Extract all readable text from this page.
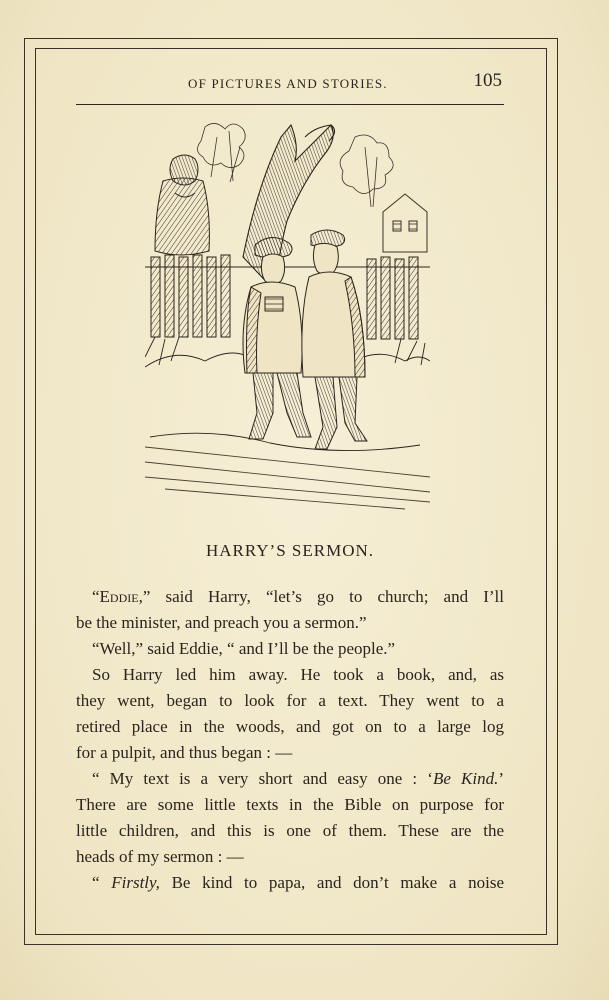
OF PICTURES AND STORIES.	105
HARRY’S SERMON.

“Eddie,” said Harry, “let’s go to church; and I’ll

be the minister, and preach you a sermon.”

“Well,” said Eddie, “ and I’ll be the people.”

So Harry led him away. He took a book, and, as

they went, began to look for a text. They went to a

retired place in the woods, and got on to a large log

for a pulpit, and thus began : —

“ My text is a very short and easy one : ‘Be Kind.’

There are some little texts in the Bible on purpose for

little children, and this is one of them. These are the

heads of my sermon : —

“ Firstly, Be kind to papa, and don’t make a noise
